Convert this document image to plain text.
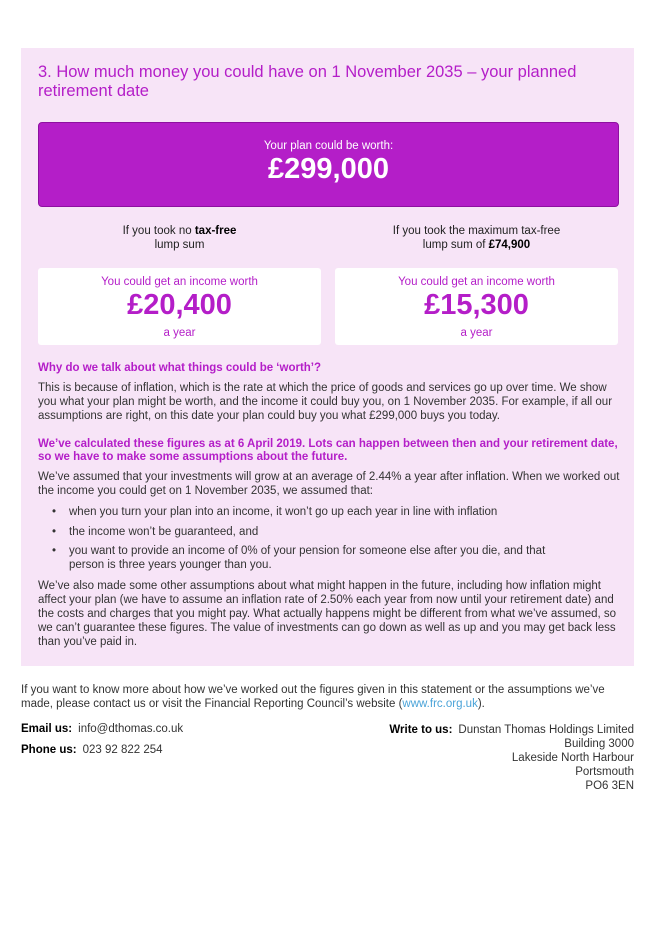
3. How much money you could have on 1 November 2035 – your planned retirement date
Your plan could be worth:
£299,000
If you took no tax-free
lump sum
If you took the maximum tax-free
lump sum of £74,900
You could get an income worth
£20,400
a year
You could get an income worth
£15,300
a year
Why do we talk about what things could be ‘worth’?
This is because of inflation, which is the rate at which the price of goods and services go up over time. We show you what your plan might be worth, and the income it could buy you, on 1 November 2035. For example, if all our assumptions are right, on this date your plan could buy you what £299,000 buys you today.
We’ve calculated these figures as at 6 April 2019. Lots can happen between then and your retirement date, so we have to make some assumptions about the future.
We’ve assumed that your investments will grow at an average of 2.44% a year after inflation. When we worked out the income you could get on 1 November 2035, we assumed that:
• when you turn your plan into an income, it won’t go up each year in line with inflation
• the income won’t be guaranteed, and
• you want to provide an income of 0% of your pension for someone else after you die, and that person is three years younger than you.
We’ve also made some other assumptions about what might happen in the future, including how inflation might affect your plan (we have to assume an inflation rate of 2.50% each year from now until your retirement date) and the costs and charges that you might pay. What actually happens might be different from what we’ve assumed, so we can’t guarantee these figures. The value of investments can go down as well as up and you may get back less than you’ve paid in.
If you want to know more about how we’ve worked out the figures given in this statement or the assumptions we’ve made, please contact us or visit the Financial Reporting Council’s website (www.frc.org.uk).
Email us: info@dthomas.co.uk
Phone us: 023 92 822 254
Write to us: Dunstan Thomas Holdings Limited
Building 3000
Lakeside North Harbour
Portsmouth
PO6 3EN
